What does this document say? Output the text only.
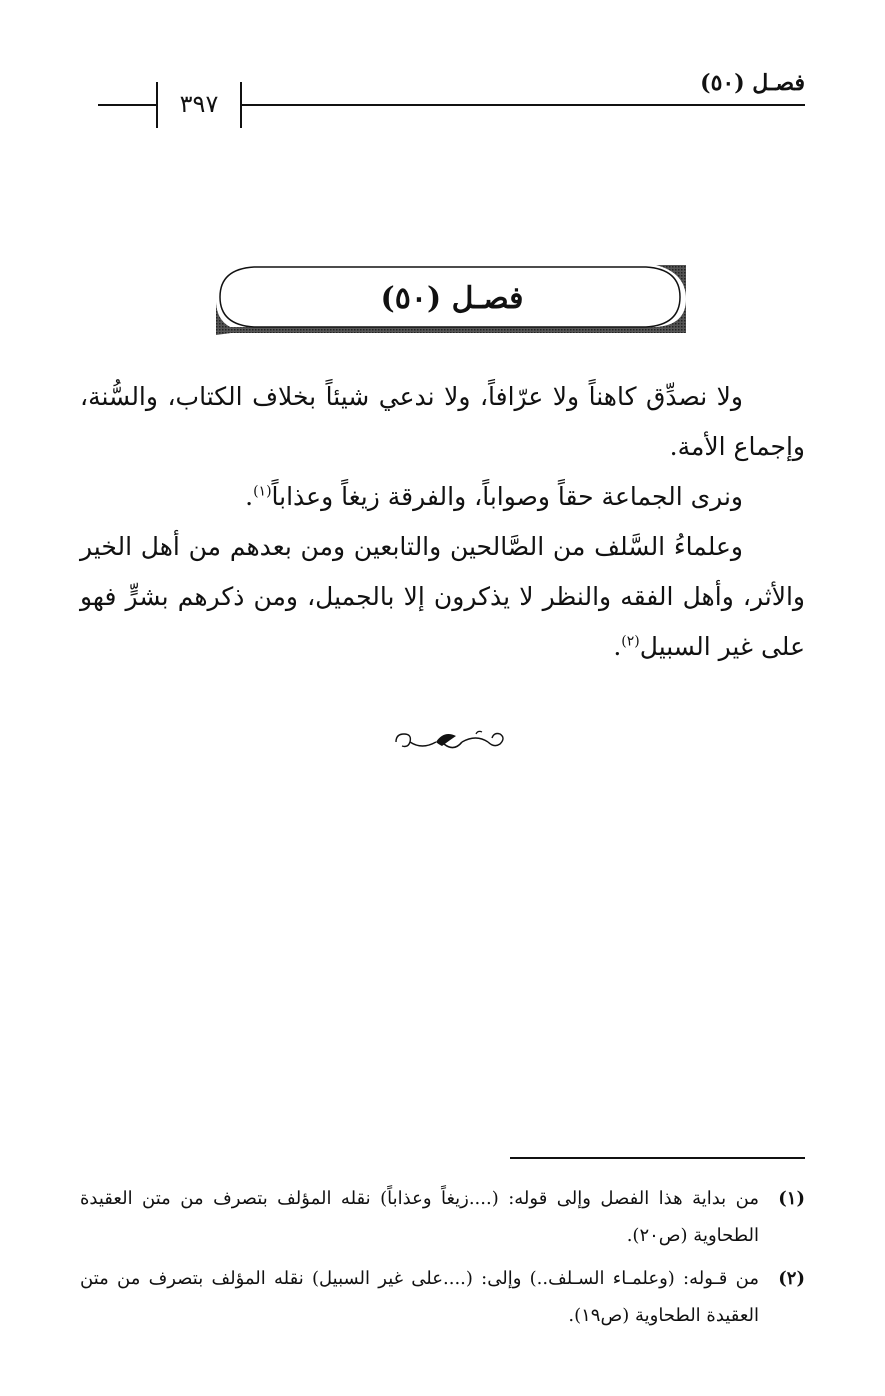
فصـل (٥٠)
٣٩٧
فصـل (٥٠)

ولا نصدِّق كاهناً ولا عرّافاً، ولا ندعي شيئاً بخلاف الكتاب، والسُّنة، وإجماع الأمة.

ونرى الجماعة حقاً وصواباً، والفرقة زيغاً وعذاباً$^{(١)}$.

وعلماءُ السَّلف من الصَّالحين والتابعين ومن بعدهم من أهل الخير والأثر، وأهل الفقه والنظر لا يذكرون إلا بالجميل، ومن ذكرهم بشرٍّ فهو على غير السبيل$^{(٢)}$.

(١)
من بداية هذا الفصل وإلى قوله: (....زيغاً وعذاباً) نقله المؤلف بتصرف من متن العقيدة الطحاوية (ص٢٠).
(٢)
من قـوله: (وعلمـاء السـلف..) وإلى: (....على غير السبيل) نقله المؤلف بتصرف من متن العقيدة الطحاوية (ص١٩).
